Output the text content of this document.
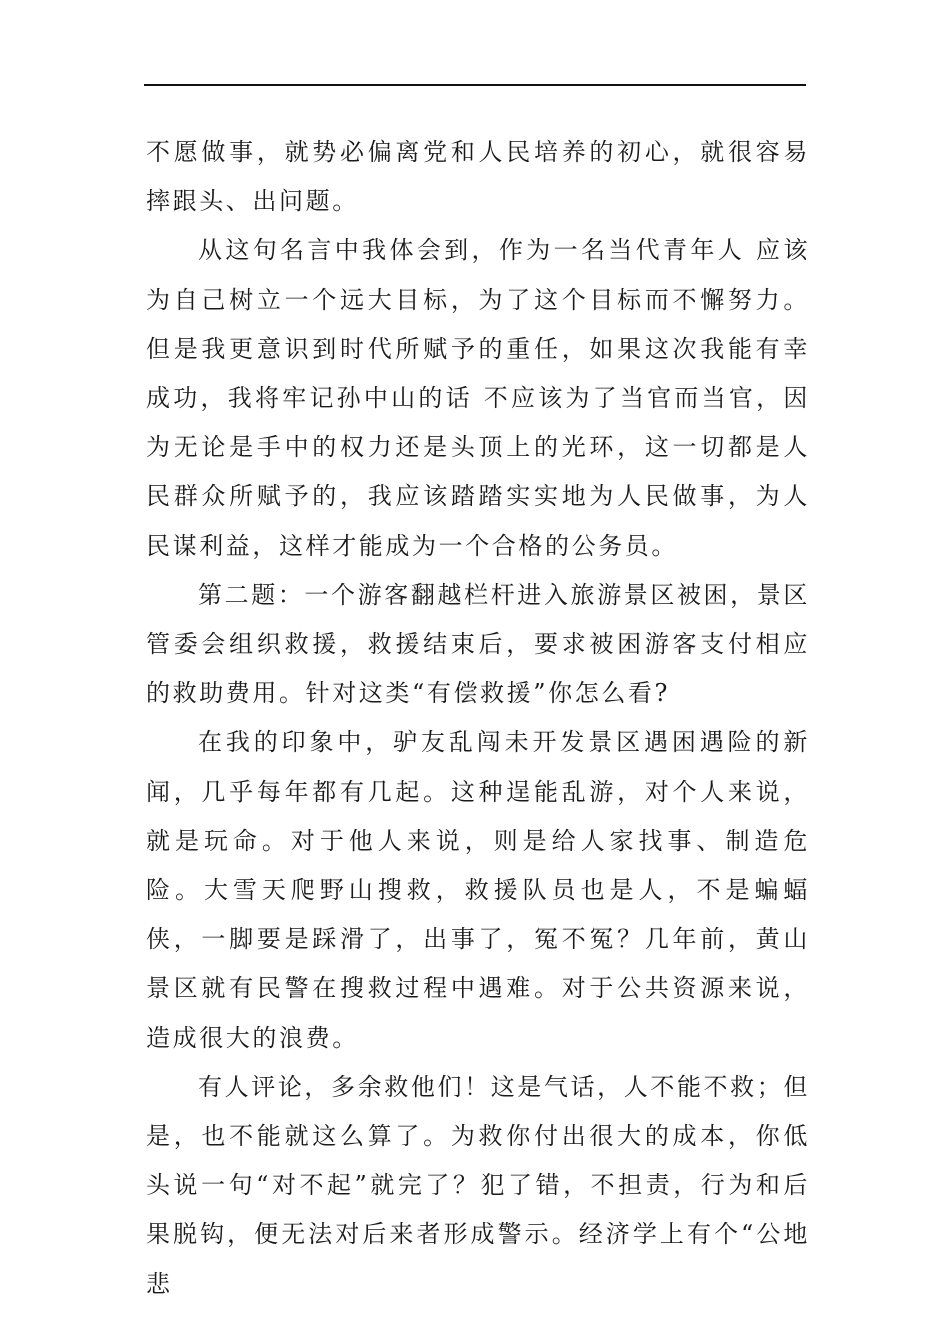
不愿做事，就势必偏离党和人民培养的初心，就很容易摔跟头、出问题。

从这句名言中我体会到，作为一名当代青年人 应该为自己树立一个远大目标，为了这个目标而不懈努力。但是我更意识到时代所赋予的重任，如果这次我能有幸成功，我将牢记孙中山的话 不应该为了当官而当官，因为无论是手中的权力还是头顶上的光环，这一切都是人民群众所赋予的，我应该踏踏实实地为人民做事，为人民谋利益，这样才能成为一个合格的公务员。

第二题：一个游客翻越栏杆进入旅游景区被困，景区管委会组织救援，救援结束后，要求被困游客支付相应的救助费用。针对这类“有偿救援”你怎么看?

在我的印象中，驴友乱闯未开发景区遇困遇险的新闻，几乎每年都有几起。这种逞能乱游，对个人来说，就是玩命。对于他人来说，则是给人家找事、制造危险。大雪天爬野山搜救，救援队员也是人，不是蝙蝠侠，一脚要是踩滑了，出事了，冤不冤？几年前，黄山景区就有民警在搜救过程中遇难。对于公共资源来说，造成很大的浪费。

有人评论，多余救他们！这是气话，人不能不救；但是，也不能就这么算了。为救你付出很大的成本，你低头说一句“对不起”就完了？犯了错，不担责，行为和后果脱钩，便无法对后来者形成警示。经济学上有个“公地悲
